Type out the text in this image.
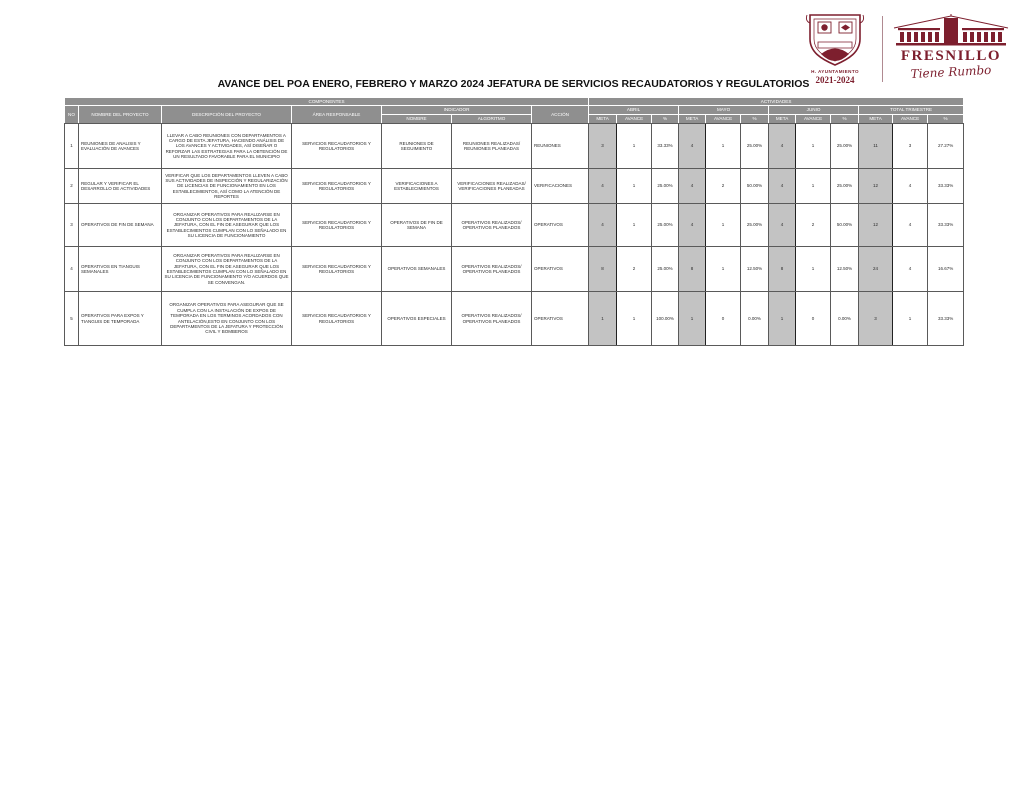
H. AYUNTAMIENTO
2021-2024
FRESNILLO
Tiene Rumbo
AVANCE DEL POA ENERO, FEBRERO Y MARZO 2024 JEFATURA DE SERVICIOS RECAUDATORIOS Y REGULATORIOS
COMPONENTES							ACTIVIDADES											
NO	NOMBRE DEL PROYECTO	DESCRIPCIÓN DEL PROYECTO	ÁREA RESPONSABLE	INDICADOR		ACCIÓN	ABRIL			MAYO			JUNIO			TOTAL TRIMESTRE		
				NOMBRE	ALGORITMO		META	AVANCE	%	META	AVANCE	%	META	AVANCE	%	META	AVANCE	%
1	REUNIONES DE ANALISIS Y EVALUACIÓN DE AVANCES	LLEVAR A CABO REUNIONES CON DEPARTAMENTOS A CARGO DE ESTA JEFATURA, HACIENDO ANÁLISIS DE LOS AVANCES Y ACTIVIDADES, ASÍ DISEÑAR O REFORZAR LAS ESTRATEGIAS PARA LA OBTENCIÓN DE UN RESULTADO FAVORABLE PARA EL MUNICIPIO	SERVICIOS RECAUDATORIOS Y REGULATORIOS	REUNIONES DE SEGUIMIENTO	REUNIONES REALIZADAS/ REUNIONES PLANEADAS	REUNIONES	3	1	33.33%	4	1	25.00%	4	1	25.00%	11	3	27.27%
2	REGULAR Y VERIFICAR EL DESARROLLO DE ACTIVIDADES	VERIFICAR QUE LOS DEPARTAMENTOS LLEVEN A CABO SUS ACTIVIDADES DE INSPECCIÓN Y REGULARIZACIÓN DE LICENCIAS DE FUNCIONAMIENTO EN LOS ESTABLECIMIENTOS, ASÍ COMO LA ATENCIÓN DE REPORTES	SERVICIOS RECAUDATORIOS Y REGULATORIOS	VERIFICACIONES A ESTABLECIMIENTOS	VERIFICACIONES REALIZADAS/ VERIFICACIONES PLANEADAS	VERIFICACIONES	4	1	25.00%	4	2	50.00%	4	1	25.00%	12	4	33.33%
3	OPERATIVOS DE FIN DE SEMANA	ORGANIZAR OPERATIVOS PARA REALIZARSE EN CONJUNTO CON LOS DEPARTAMENTOS DE LA JEFATURA, CON EL FIN DE ASEGURAR QUE LOS ESTABLECIMIENTOS CUMPLAN CON LO SEÑALADO EN SU LICENCIA DE FUNCIONAMIENTO	SERVICIOS RECAUDATORIOS Y REGULATORIOS	OPERATIVOS DE FIN DE SEMANA	OPERATIVOS REALIZADOS/ OPERATIVOS PLANEADOS	OPERATIVOS	4	1	25.00%	4	1	25.00%	4	2	50.00%	12	4	33.33%
4	OPERATIVOS EN TIANGUIS SEMANALES	ORGANIZAR OPERATIVOS PARA REALIZARSE EN CONJUNTO CON LOS DEPARTAMENTOS DE LA JEFATURA, CON EL FIN DE ASEGURAR QUE LOS ESTABLECIMIENTOS CUMPLAN CON LO SEÑALADO EN SU LICENCIA DE FUNCIONAMIENTO Y/O ACUERDOS QUE SE CONVENGAN.	SERVICIOS RECAUDATORIOS Y REGULATORIOS	OPERATIVOS SEMANALES	OPERATIVOS REALIZADOS/ OPERATIVOS PLANEADOS	OPERATIVOS	8	2	25.00%	8	1	12.50%	8	1	12.50%	24	4	16.67%
5	OPERATIVOS PARA EXPOS Y TIANGUIS DE TEMPORADA	ORGANIZAR OPERATIVOS PARA ASEGURAR QUE SE CUMPLA CON LA INSTALACIÓN DE EXPOS DE TEMPORADA EN LOS TERMINOS ACORDADOS CON ANTELACIÓN,ESTO EN CONJUNTO CON LOS DEPARTAMENTOS DE LA JEFATURA Y PROTECCIÓN CIVIL Y BOMBEROS	SERVICIOS RECAUDATORIOS Y REGULATORIOS	OPERATIVOS ESPECIALES	OPERATIVOS REALIZADOS/ OPERATIVOS PLANEADOS	OPERATIVOS	1	1	100.00%	1	0	0.00%	1	0	0.00%	3	1	33.33%
